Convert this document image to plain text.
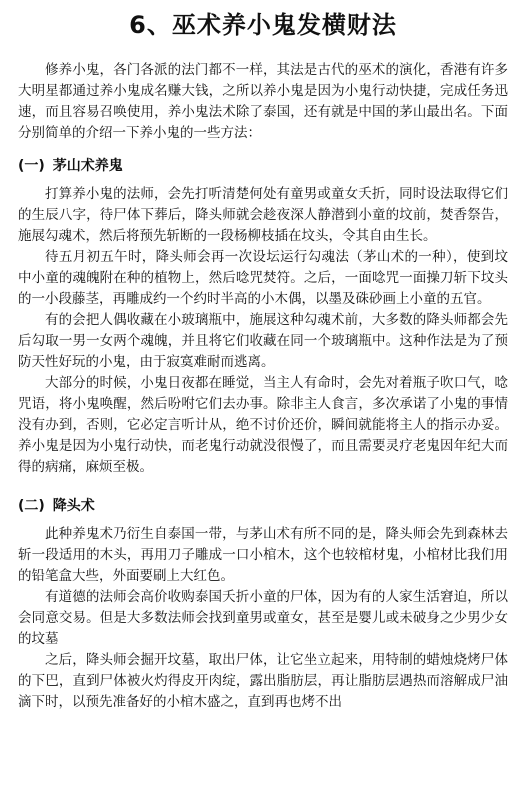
6、巫术养小鬼发横财法

修养小鬼，各门各派的法门都不一样，其法是古代的巫术的演化，香港有许多大明星都通过养小鬼成名赚大钱，之所以养小鬼是因为小鬼行动快捷，完成任务迅速，而且容易召唤使用，养小鬼法术除了泰国，还有就是中国的茅山最出名。下面分别简单的介绍一下养小鬼的一些方法：

(一) 茅山术养鬼

打算养小鬼的法师，会先打听清楚何处有童男或童女夭折，同时设法取得它们的生辰八字，待尸体下葬后，降头师就会趁夜深人静潜到小童的坟前，焚香祭告，施展勾魂术，然后将预先斩断的一段杨柳枝插在坟头，令其自由生长。

待五月初五午时，降头师会再一次设坛运行勾魂法（茅山术的一种），使到坟中小童的魂魄附在种的植物上，然后唸咒焚符。之后，一面唸咒一面操刀斩下坟头的一小段藤茎，再雕成约一个约时半高的小木偶，以墨及硃砂画上小童的五官。

有的会把人偶收藏在小玻璃瓶中，施展这种勾魂术前，大多数的降头师都会先后勾取一男一女两个魂魄，并且将它们收藏在同一个玻璃瓶中。这种作法是为了预防天性好玩的小鬼，由于寂寞难耐而逃离。

大部分的时候，小鬼日夜都在睡觉，当主人有命时，会先对着瓶子吹口气，唸咒语，将小鬼唤醒，然后吩咐它们去办事。除非主人食言，多次承诺了小鬼的事情没有办到，否则，它必定言听计从，绝不讨价还价，瞬间就能将主人的指示办妥。养小鬼是因为小鬼行动快，而老鬼行动就没很慢了，而且需要灵疗老鬼因年纪大而得的病痛，麻烦至极。

(二) 降头术

此种养鬼术乃衍生自泰国一带，与茅山术有所不同的是，降头师会先到森林去斩一段适用的木头，再用刀子雕成一口小棺木，这个也较棺材鬼，小棺材比我们用的铅笔盒大些，外面要刷上大红色。

有道德的法师会高价收购泰国夭折小童的尸体，因为有的人家生活窘迫，所以会同意交易。但是大多数法师会找到童男或童女，甚至是婴儿或未破身之少男少女的坟墓

之后，降头师会掘开坟墓，取出尸体，让它坐立起来，用特制的蜡烛烧烤尸体的下巴，直到尸体被火灼得皮开肉绽，露出脂肪层，再让脂肪层遇热而溶解成尸油滴下时，以预先准备好的小棺木盛之，直到再也烤不出
